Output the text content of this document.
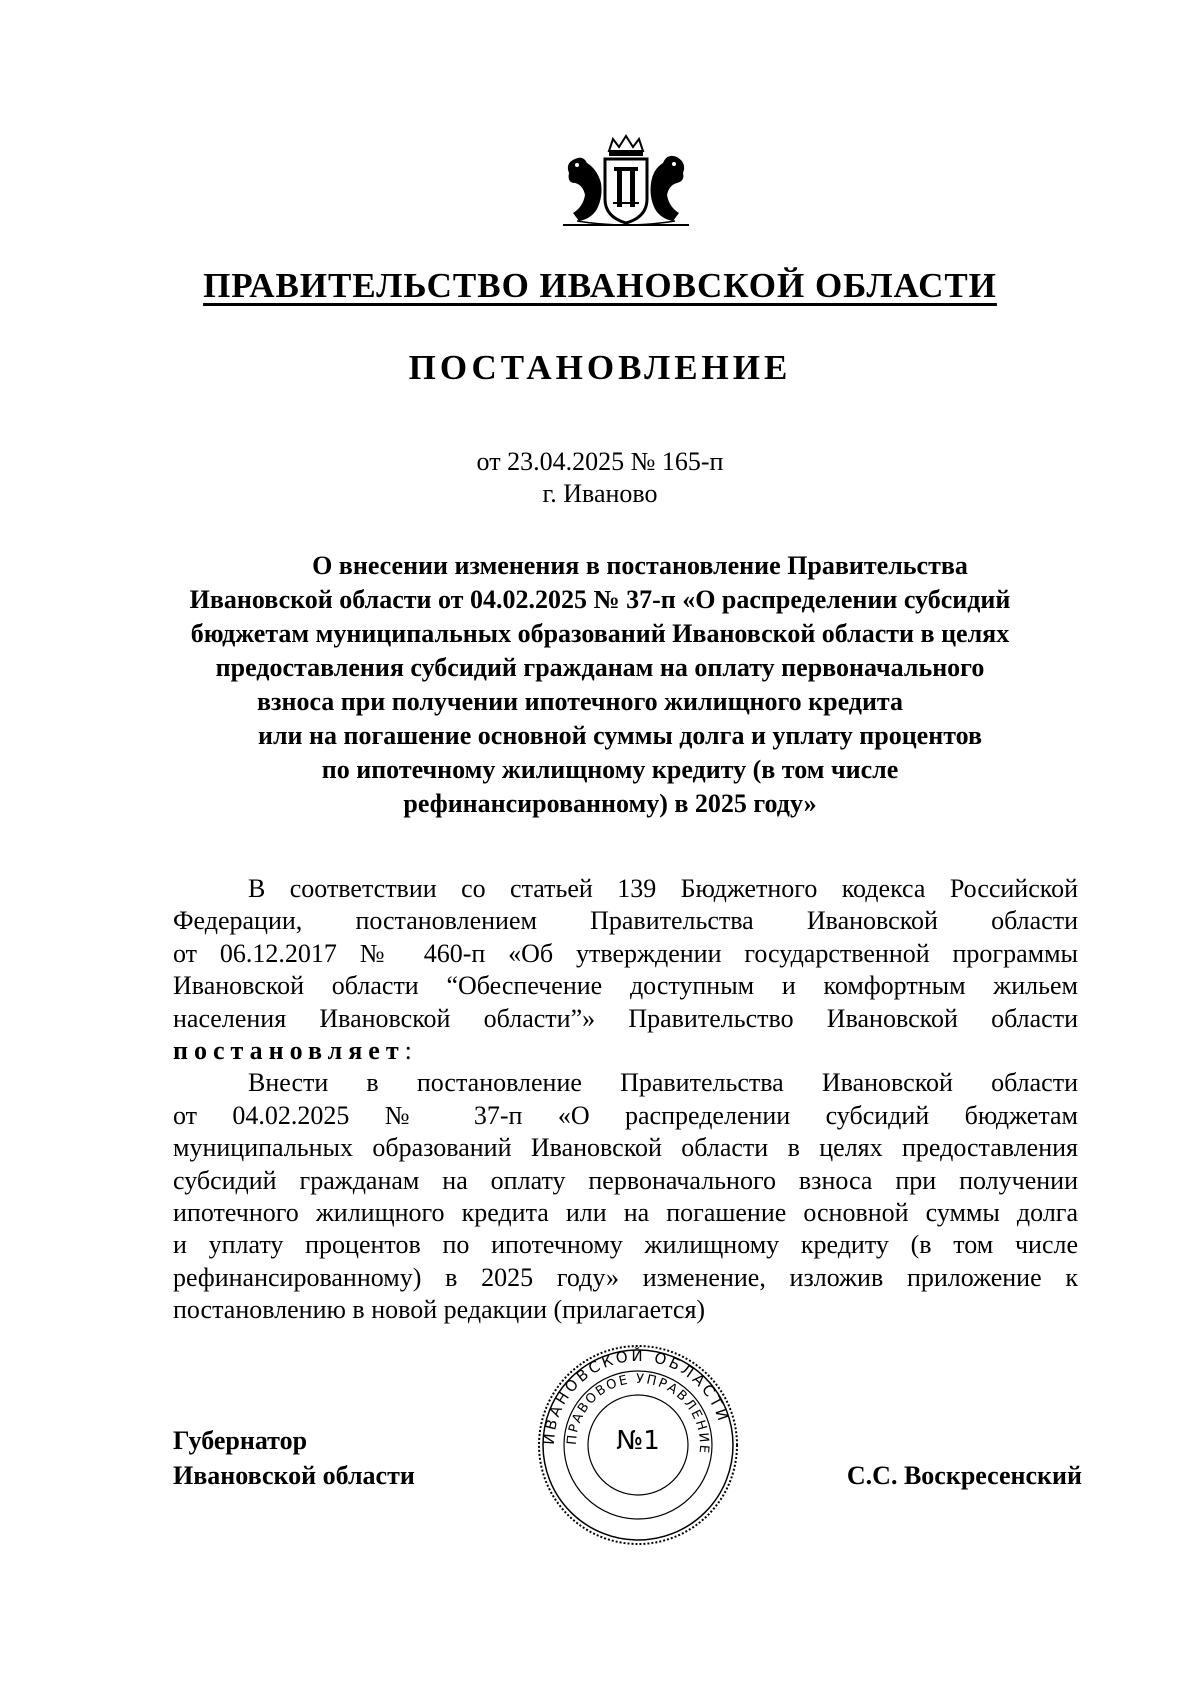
ПРАВИТЕЛЬСТВО ИВАНОВСКОЙ ОБЛАСТИ
ПОСТАНОВЛЕНИЕ
от 23.04.2025 № 165-п
г. Иваново
О внесении изменения в постановление Правительства
Ивановской области от 04.02.2025 № 37-п «О распределении субсидий
бюджетам муниципальных образований Ивановской области в целях
предоставления субсидий гражданам на оплату первоначального
взноса при получении ипотечного жилищного кредита
или на погашение основной суммы долга и уплату процентов
по ипотечному жилищному кредиту (в том числе
рефинансированному) в 2025 году»
В соответствии со статьей 139 Бюджетного кодекса Российской
Федерации, постановлением Правительства Ивановской области
от 06.12.2017 № 460-п «Об утверждении государственной программы
Ивановской области “Обеспечение доступным и комфортным жильем
населения Ивановской области”» Правительство Ивановской области
постановляет:
Внести в постановление Правительства Ивановской области
от 04.02.2025 № 37-п «О распределении субсидий бюджетам
муниципальных образований Ивановской области в целях предоставления
субсидий гражданам на оплату первоначального взноса при получении
ипотечного жилищного кредита или на погашение основной суммы долга
и уплату процентов по ипотечному жилищному кредиту (в том числе
рефинансированному) в 2025 году» изменение, изложив приложение к
постановлению в новой редакции (прилагается)
Губернатор
Ивановской области
ИВАНОВСКОЙ ОБЛАСТИ
ПРАВОВОЕ УПРАВЛЕНИЕ
№1
С.С. Воскресенский
